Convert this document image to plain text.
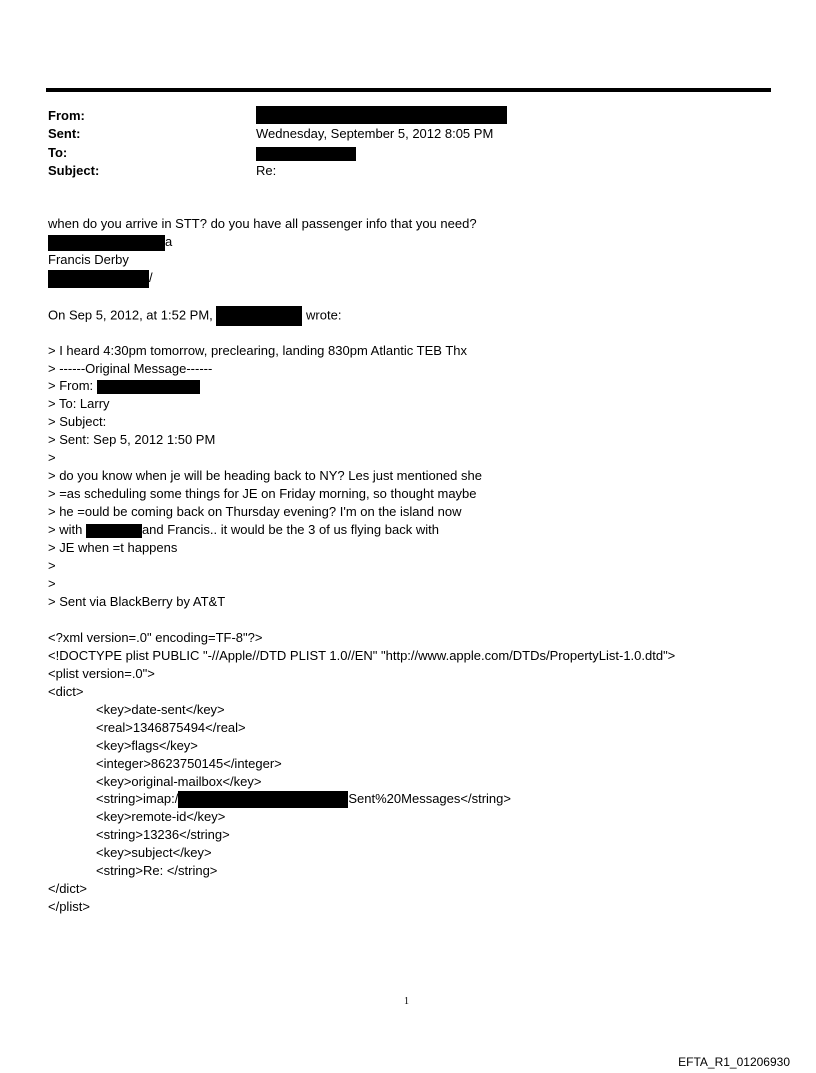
From:
Sent:	Wednesday, September 5, 2012 8:05 PM
To:
Subject:	Re:
when do you arrive in STT? do you have all passenger info that you need?
a
Francis Derby
/
On Sep 5, 2012, at 1:52 PM,	wrote:
> I heard 4:30pm tomorrow, preclearing, landing 830pm Atlantic TEB Thx
> ------Original Message------
> From:
> To: Larry
> Subject:
> Sent: Sep 5, 2012 1:50 PM
>
> do you know when je will be heading back to NY? Les just mentioned she
> =as scheduling some things for JE on Friday morning, so thought maybe
> he =ould be coming back on Thursday evening? I'm on the island now
> with	and Francis.. it would be the 3 of us flying back with
> JE when =t happens
>
>
> Sent via BlackBerry by AT&T
<?xml version=.0" encoding=TF-8"?>
<!DOCTYPE plist PUBLIC "-//Apple//DTD PLIST 1.0//EN" "http://www.apple.com/DTDs/PropertyList-1.0.dtd">
<plist version=.0">
<dict>
<key>date-sent</key>
<real>1346875494</real>
<key>flags</key>
<integer>8623750145</integer>
<key>original-mailbox</key>
<string>imap:/	Sent%20Messages</string>
<key>remote-id</key>
<string>13236</string>
<key>subject</key>
<string>Re: </string>
</dict>
</plist>
1
EFTA_R1_01206930
